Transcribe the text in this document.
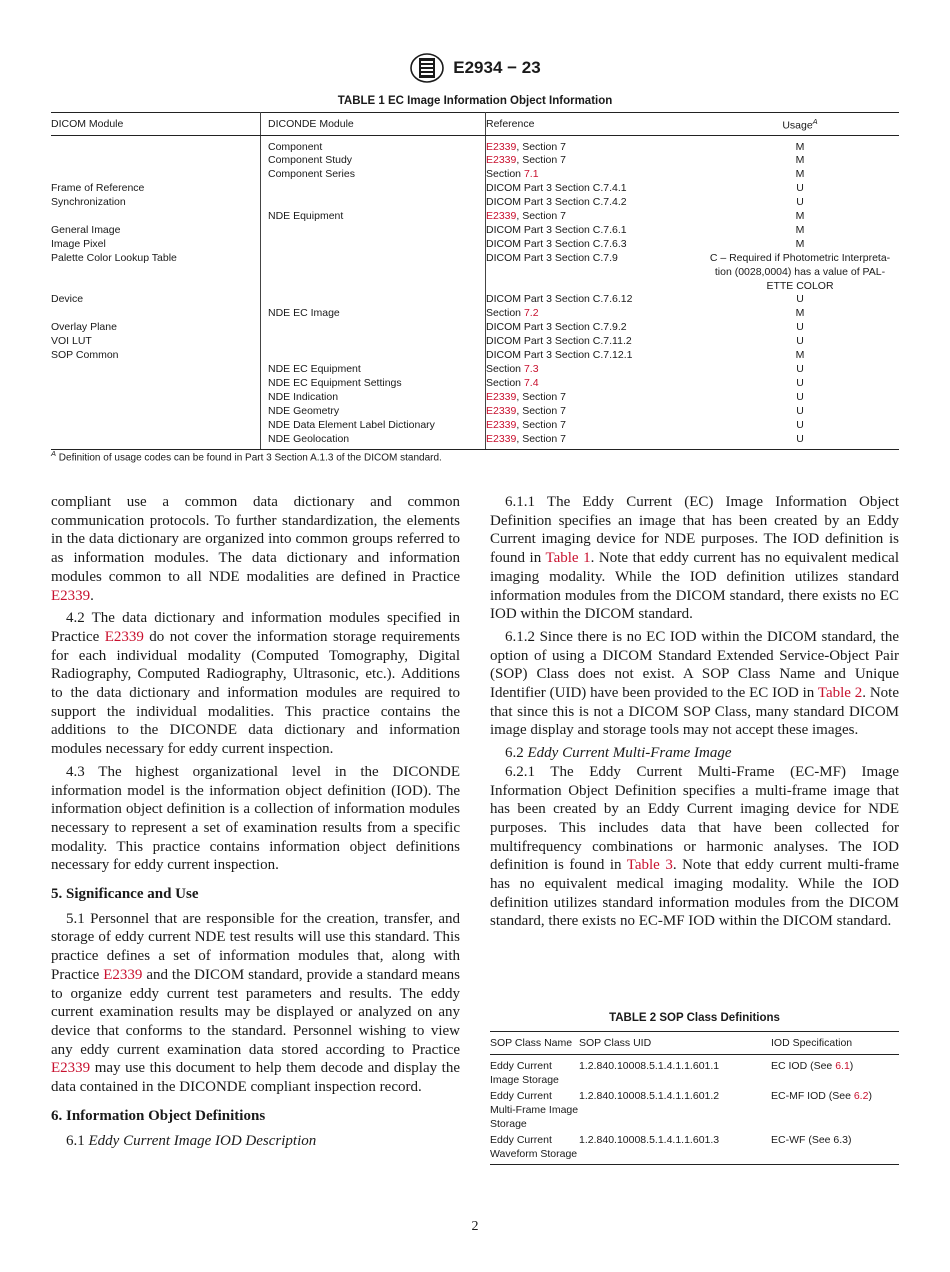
E2934 − 23
TABLE 1 EC Image Information Object Information
DICOM Module	DICONDE Module	Reference	Usage$^A$
	Component	E2339, Section 7	M
	Component Study	E2339, Section 7	M
	Component Series	Section 7.1	M
Frame of Reference		DICOM Part 3 Section C.7.4.1	U
Synchronization		DICOM Part 3 Section C.7.4.2	U
	NDE Equipment	E2339, Section 7	M
General Image		DICOM Part 3 Section C.7.6.1	M
Image Pixel		DICOM Part 3 Section C.7.6.3	M
Palette Color Lookup Table		DICOM Part 3 Section C.7.9	C – Required if Photometric Interpreta-
tion (0028,0004) has a value of PAL-
ETTE COLOR

Device		DICOM Part 3 Section C.7.6.12	U
	NDE EC Image	Section 7.2	M
Overlay Plane		DICOM Part 3 Section C.7.9.2	U
VOI LUT		DICOM Part 3 Section C.7.11.2	U
SOP Common		DICOM Part 3 Section C.7.12.1	M
	NDE EC Equipment	Section 7.3	U
	NDE EC Equipment Settings	Section 7.4	U
	NDE Indication	E2339, Section 7	U
	NDE Geometry	E2339, Section 7	U
	NDE Data Element Label Dictionary	E2339, Section 7	U
	NDE Geolocation	E2339, Section 7	U
$^A$ Definition of usage codes can be found in Part 3 Section A.1.3 of the DICOM standard.

compliant use a common data dictionary and common communication protocols. To further standardization, the elements in the data dictionary are organized into common groups referred to as information modules. The data dictionary and information modules common to all NDE modalities are defined in Practice E2339.

4.2 The data dictionary and information modules specified in Practice E2339 do not cover the information storage requirements for each individual modality (Computed Tomography, Digital Radiography, Computed Radiography, Ultrasonic, etc.). Additions to the data dictionary and information modules are required to support the individual modalities. This practice contains the additions to the DICONDE data dictionary and information modules necessary for eddy current inspection.

4.3 The highest organizational level in the DICONDE information model is the information object definition (IOD). The information object definition is a collection of information modules necessary to represent a set of examination results from a specific modality. This practice contains information object definitions necessary for eddy current inspection.

5. Significance and Use

5.1 Personnel that are responsible for the creation, transfer, and storage of eddy current NDE test results will use this standard. This practice defines a set of information modules that, along with Practice E2339 and the DICOM standard, provide a standard means to organize eddy current test parameters and results. The eddy current examination results may be displayed or analyzed on any device that conforms to the standard. Personnel wishing to view any eddy current examination data stored according to Practice E2339 may use this document to help them decode and display the data contained in the DICONDE compliant inspection record.

6. Information Object Definitions

6.1 Eddy Current Image IOD Description

6.1.1 The Eddy Current (EC) Image Information Object Definition specifies an image that has been created by an Eddy Current imaging device for NDE purposes. The IOD definition is found in Table 1. Note that eddy current has no equivalent medical imaging modality. While the IOD definition utilizes standard information modules from the DICOM standard, there exists no EC IOD within the DICOM standard.

6.1.2 Since there is no EC IOD within the DICOM standard, the option of using a DICOM Standard Extended Service-Object Pair (SOP) Class does not exist. A SOP Class Name and Unique Identifier (UID) have been provided to the EC IOD in Table 2. Note that since this is not a DICOM SOP Class, many standard DICOM image display and storage tools may not accept these images.

6.2 Eddy Current Multi-Frame Image

6.2.1 The Eddy Current Multi-Frame (EC-MF) Image Information Object Definition specifies a multi-frame image that has been created by an Eddy Current imaging device for NDE purposes. This includes data that have been collected for multifrequency combinations or harmonic analyses. The IOD definition is found in Table 3. Note that eddy current multi-frame has no equivalent medical imaging modality. While the IOD definition utilizes standard information modules from the DICOM standard, there exists no EC-MF IOD within the DICOM standard.

TABLE 2 SOP Class Definitions
SOP Class Name	SOP Class UID	IOD Specification
Eddy Current Image Storage	1.2.840.10008.5.1.4.1.1.601.1	EC IOD (See 6.1)
Eddy Current Multi-Frame Image Storage	1.2.840.10008.5.1.4.1.1.601.2	EC-MF IOD (See 6.2)
Eddy Current Waveform Storage	1.2.840.10008.5.1.4.1.1.601.3	EC-WF (See 6.3)
2
